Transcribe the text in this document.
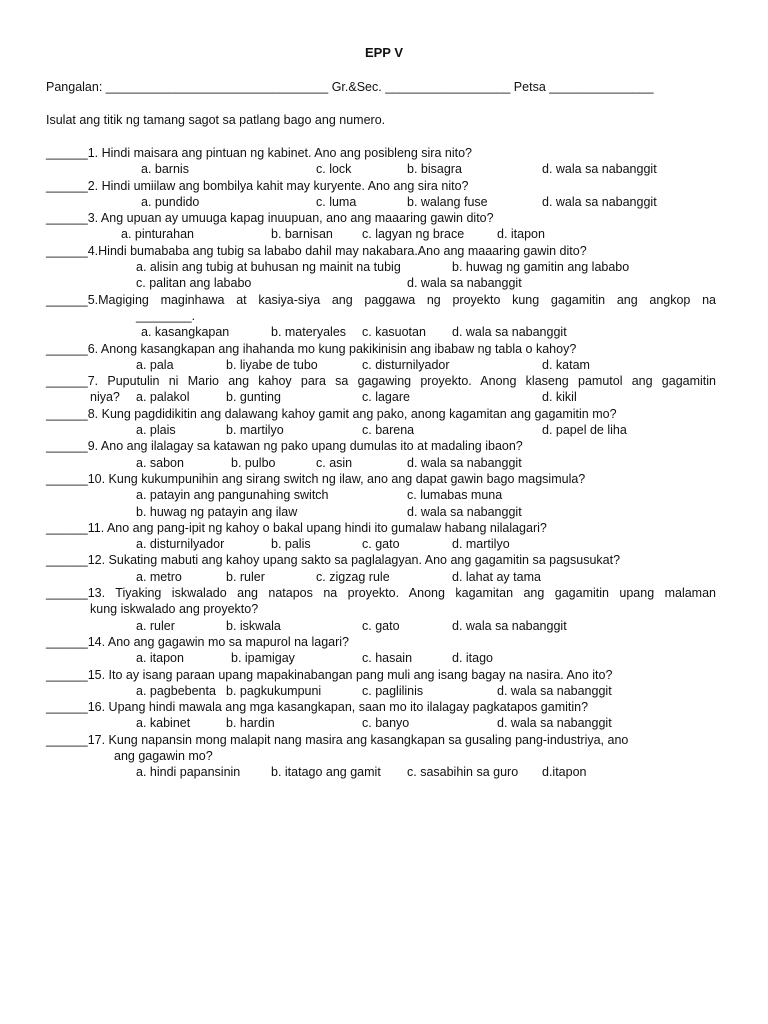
EPP V
Pangalan: ________________________________ Gr.&Sec. __________________ Petsa _______________
Isulat ang titik ng tamang sagot sa patlang bago ang numero.
______1. Hindi maisara ang pintuan ng kabinet. Ano ang posibleng sira nito?
a. barnis	c. lock	b. bisagra	d. wala sa nabanggit
______2. Hindi umiilaw ang bombilya kahit may kuryente. Ano ang sira nito?
a. pundido	c. luma	b. walang fuse	d. wala sa nabanggit
______3. Ang upuan ay umuuga kapag inuupuan, ano ang maaaring gawin dito?
a. pinturahan	b. barnisan c. lagyan ng brace	d. itapon
______4.Hindi bumababa ang tubig sa lababo dahil may nakabara.Ano ang maaaring gawin dito?
a. alisin ang tubig at buhusan ng mainit na tubig	b. huwag ng gamitin ang lababo
c. palitan ang lababo	d. wala sa nabanggit
______5.Magiging maginhawa at kasiya-siya ang paggawa ng proyekto kung gagamitin ang angkop na
________.
a. kasangkapan	b. materyales c. kasuotan d. wala sa nabanggit
______6. Anong kasangkapan ang ihahanda mo kung pakikinisin ang ibabaw ng tabla o kahoy?
a. pala	b. liyabe de tubo	c. disturnilyador	d. katam
______7. Puputulin ni Mario ang kahoy para sa gagawing proyekto. Anong klaseng pamutol ang gagamitin
niya? a. palakol	b. gunting	c. lagare	d. kikil
______8. Kung pagdidikitin ang dalawang kahoy gamit ang pako, anong kagamitan ang gagamitin mo?
a. plais	b. martilyo	c. barena	d. papel de liha
______9. Ano ang ilalagay sa katawan ng pako upang dumulas ito at madaling ibaon?
a. sabon	b. pulbo	c. asin	d. wala sa nabanggit
______10. Kung kukumpunihin ang sirang switch ng ilaw, ano ang dapat gawin bago magsimula?
a. patayin ang pangunahing switch	c. lumabas muna
b. huwag ng patayin ang ilaw	d. wala sa nabanggit
______11. Ano ang pang-ipit ng kahoy o bakal upang hindi ito gumalaw habang nilalagari?
a. disturnilyador	b. palis	c. gato	d. martilyo
______12. Sukating mabuti ang kahoy upang sakto sa paglalagyan. Ano ang gagamitin sa pagsusukat?
a. metro	b. ruler	c. zigzag rule	d. lahat ay tama
______13. Tiyaking iskwalado ang natapos na proyekto. Anong kagamitan ang gagamitin upang malaman
kung iskwalado ang proyekto?
a. ruler	b. iskwala	c. gato	d. wala sa nabanggit
______14. Ano ang gagawin mo sa mapurol na lagari?
a. itapon	b. ipamigay	c. hasain	d. itago
______15. Ito ay isang paraan upang mapakinabangan pang muli ang isang bagay na nasira. Ano ito?
a. pagbebenta b. pagkukumpuni	c. paglilinis	d. wala sa nabanggit
______16. Upang hindi mawala ang mga kasangkapan, saan mo ito ilalagay pagkatapos gamitin?
a. kabinet	b. hardin	c. banyo	d. wala sa nabanggit
______17. Kung napansin mong malapit nang masira ang kasangkapan sa gusaling pang-industriya, ano
ang gagawin mo?
a. hindi papansinin b. itatago ang gamit c. sasabihin sa guro d.itapon
